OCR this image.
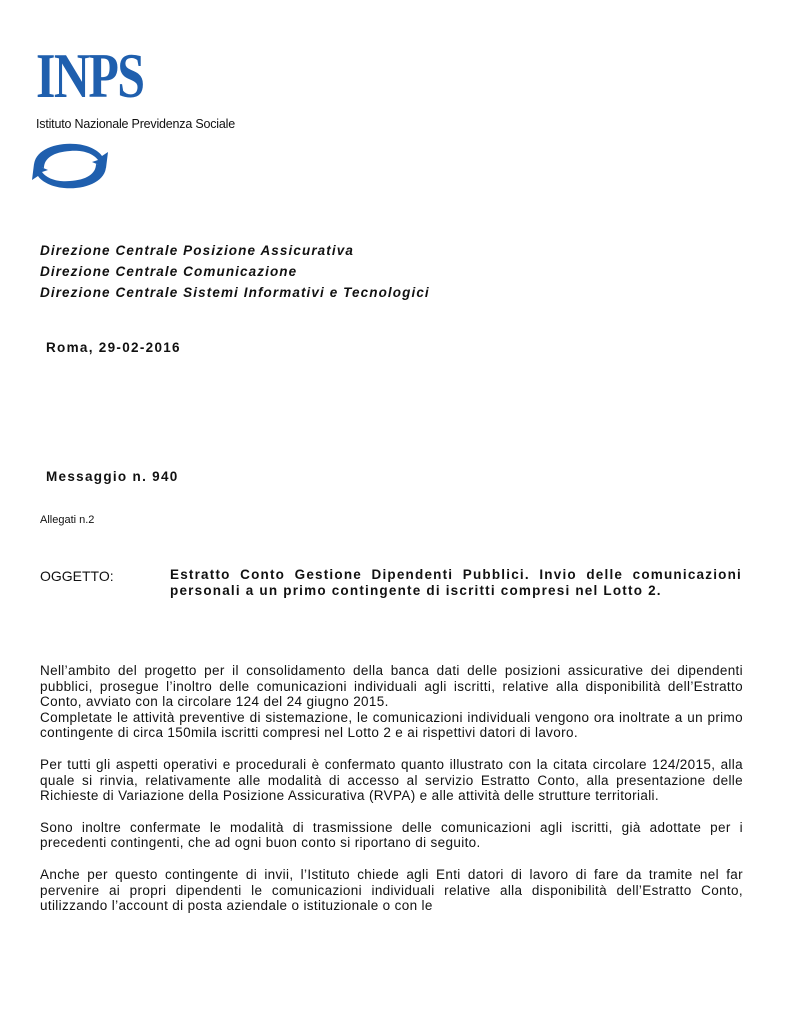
INPS
Istituto Nazionale Previdenza Sociale
Direzione Centrale Posizione Assicurativa
Direzione Centrale Comunicazione
Direzione Centrale Sistemi Informativi e Tecnologici
Roma, 29-02-2016
Messaggio n. 940
Allegati n.2
OGGETTO:	Estratto Conto Gestione Dipendenti Pubblici. Invio delle comunicazioni personali a un primo contingente di iscritti compresi nel Lotto 2.

Nell’ambito del progetto per il consolidamento della banca dati delle posizioni assicurative dei dipendenti pubblici, prosegue l’inoltro delle comunicazioni individuali agli iscritti, relative alla disponibilità dell’Estratto Conto, avviato con la circolare 124 del 24 giugno 2015.

Completate le attività preventive di sistemazione, le comunicazioni individuali vengono ora inoltrate a un primo contingente di circa 150mila iscritti compresi nel Lotto 2 e ai rispettivi datori di lavoro.

Per tutti gli aspetti operativi e procedurali è confermato quanto illustrato con la citata circolare 124/2015, alla quale si rinvia, relativamente alle modalità di accesso al servizio Estratto Conto, alla presentazione delle Richieste di Variazione della Posizione Assicurativa (RVPA) e alle attività delle strutture territoriali.

Sono inoltre confermate le modalità di trasmissione delle comunicazioni agli iscritti, già adottate per i precedenti contingenti, che ad ogni buon conto si riportano di seguito.

Anche per questo contingente di invii, l’Istituto chiede agli Enti datori di lavoro di fare da tramite nel far pervenire ai propri dipendenti le comunicazioni individuali relative alla disponibilità dell’Estratto Conto, utilizzando l’account di posta aziendale o istituzionale o con le
